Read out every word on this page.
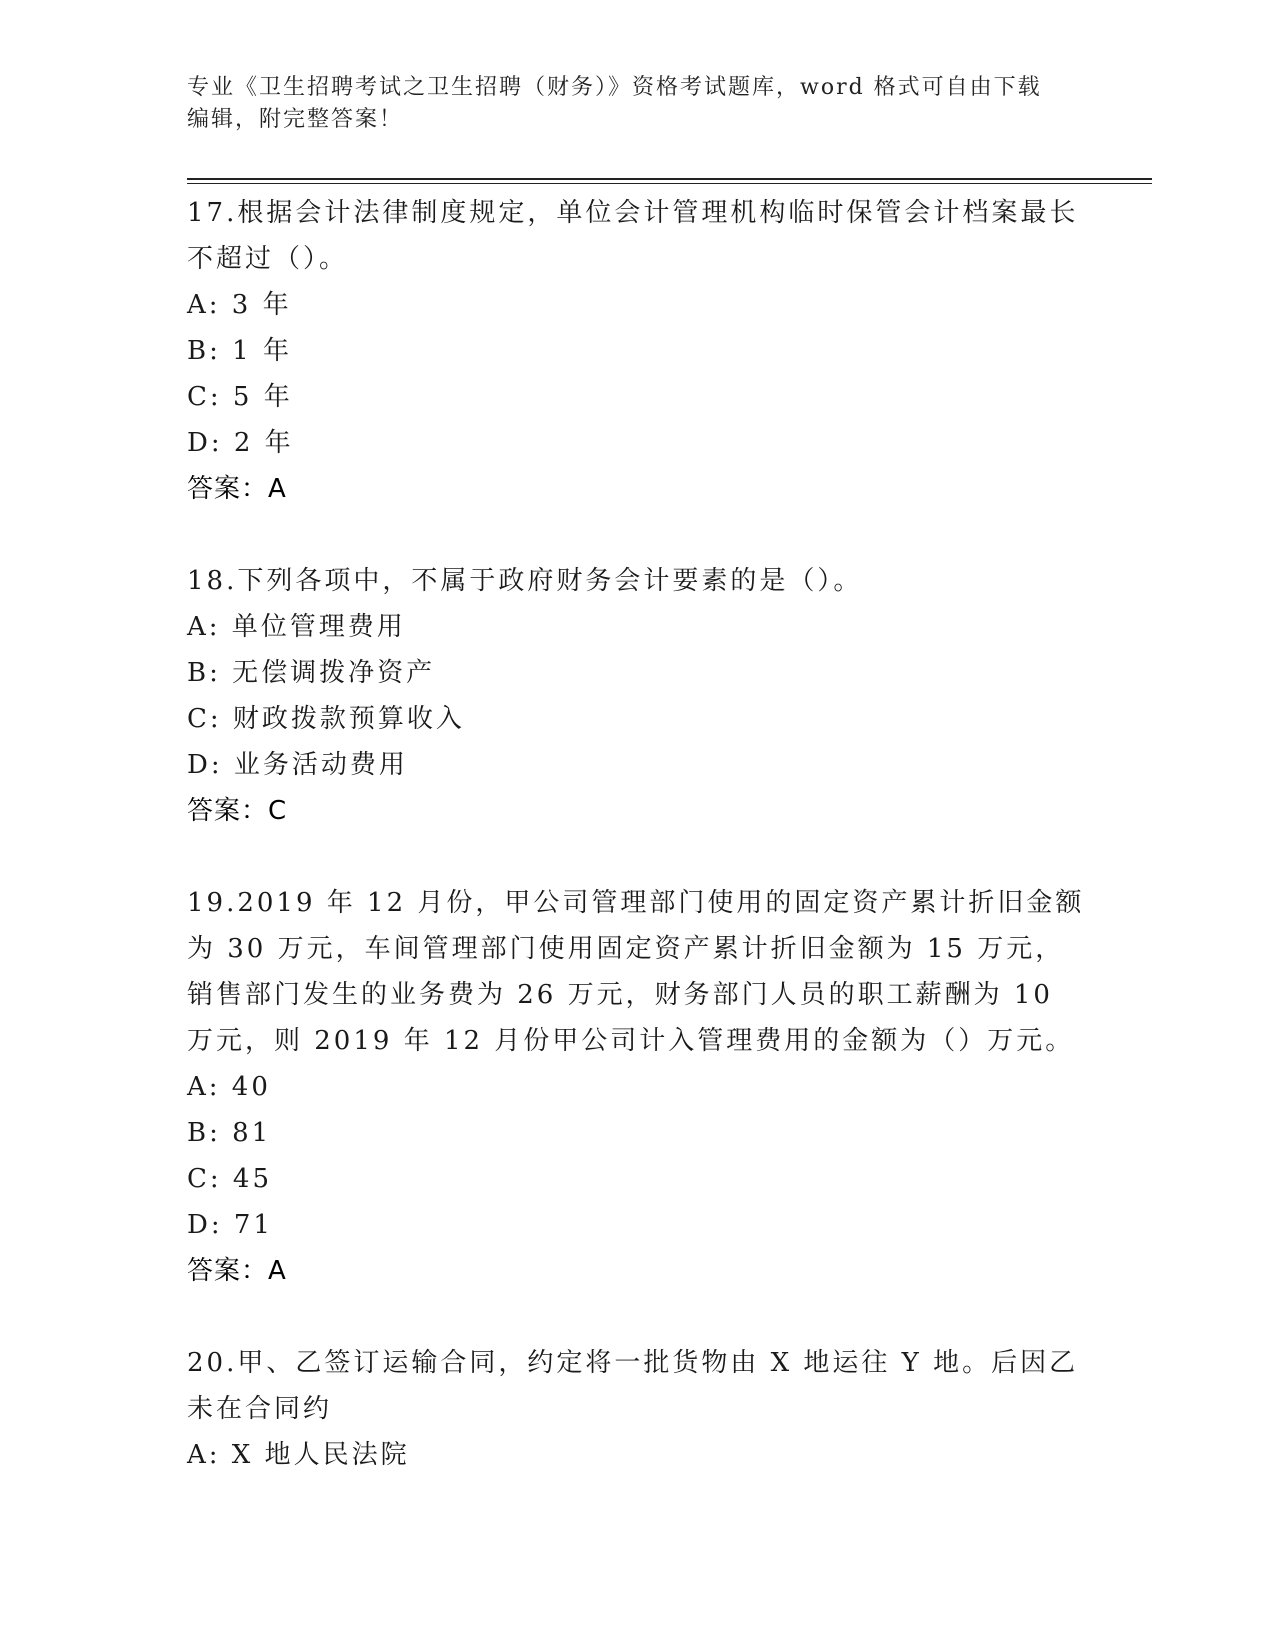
专业《卫生招聘考试之卫生招聘（财务）》资格考试题库，word 格式可自由下载
编辑，附完整答案！

17.根据会计法律制度规定，单位会计管理机构临时保管会计档案最长不超过（）。

A: 3 年

B: 1 年

C: 5 年

D: 2 年

答案：A

18.下列各项中，不属于政府财务会计要素的是（）。

A: 单位管理费用

B: 无偿调拨净资产

C: 财政拨款预算收入

D: 业务活动费用

答案：C

19.2019 年 12 月份，甲公司管理部门使用的固定资产累计折旧金额为 30 万元，车间管理部门使用固定资产累计折旧金额为 15 万元，销售部门发生的业务费为 26 万元，财务部门人员的职工薪酬为 10 万元，则 2019 年 12 月份甲公司计入管理费用的金额为（）万元。

A: 40

B: 81

C: 45

D: 71

答案：A

20.甲、乙签订运输合同，约定将一批货物由 X 地运往 Y 地。后因乙未在合同约

A: X 地人民法院
